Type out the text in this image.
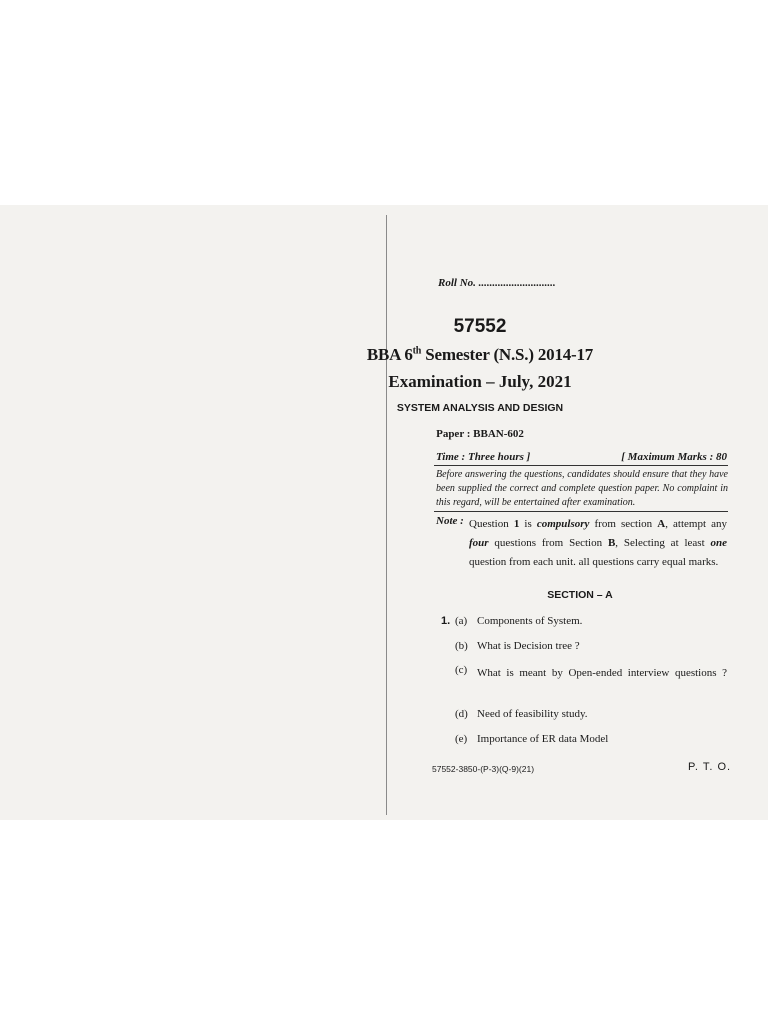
Roll No. ............................
57552
BBA 6th Semester (N.S.) 2014-17
Examination – July, 2021
SYSTEM ANALYSIS AND DESIGN
Paper : BBAN-602
Time : Three hours ]	[ Maximum Marks : 80
Before answering the questions, candidates should ensure that they have been supplied the correct and complete question paper. No complaint in this regard, will be entertained after examination.
Note : Question 1 is compulsory from section A, attempt any four questions from Section B, Selecting at least one question from each unit. all questions carry equal marks.
SECTION – A
1. (a) Components of System.
(b) What is Decision tree ?
(c) What is meant by Open-ended interview questions ?
(d) Need of feasibility study.
(e) Importance of ER data Model
57552-3850-(P-3)(Q-9)(21)	P. T. O.
